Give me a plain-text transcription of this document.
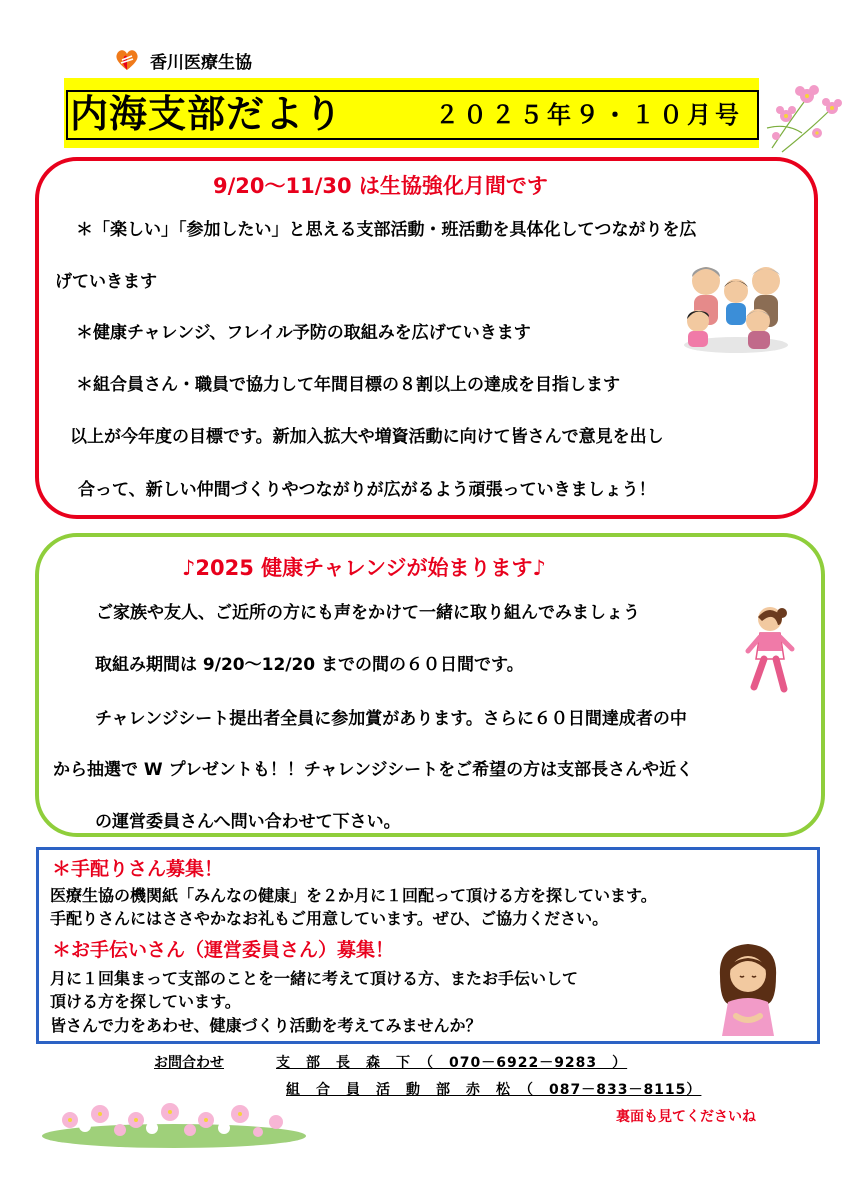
香川医療生協
内海支部だより	２０２５年９・１０月号
9/20～11/30 は生協強化月間です
＊「楽しい」「参加したい」と思える支部活動・班活動を具体化してつながりを広
げていきます
＊健康チャレンジ、フレイル予防の取組みを広げていきます
＊組合員さん・職員で協力して年間目標の８割以上の達成を目指します
以上が今年度の目標です。新加入拡大や増資活動に向けて皆さんで意見を出し
合って、新しい仲間づくりやつながりが広がるよう頑張っていきましょう！
♪2025 健康チャレンジが始まります♪
ご家族や友人、ご近所の方にも声をかけて一緒に取り組んでみましょう
取組み期間は 9/20～12/20 までの間の６０日間です。
チャレンジシート提出者全員に参加賞があります。さらに６０日間達成者の中
から抽選で W プレゼントも！！チャレンジシートをご希望の方は支部長さんや近く
の運営委員さんへ問い合わせて下さい。
＊手配りさん募集！
医療生協の機関紙「みんなの健康」を２か月に１回配って頂ける方を探しています。
手配りさんにはささやかなお礼もご用意しています。ぜひ、ご協力ください。
＊お手伝いさん（運営委員さん）募集！
月に１回集まって支部のことを一緒に考えて頂ける方、またお手伝いして
頂ける方を探しています。
皆さんで力をあわせ、健康づくり活動を考えてみませんか？
お問合わせ	支　部　長　森　下　（　070－6922－9283　）
組　合　員　活　動　部　赤　松　（　087－833－8115）
裏面も見てくださいね
